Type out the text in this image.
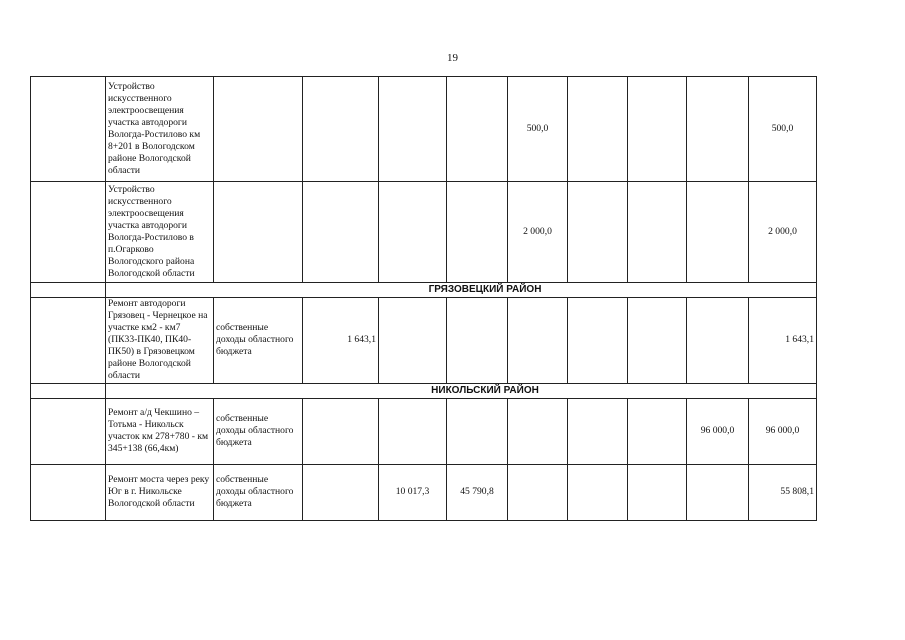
19
	Устройство искусственного электроосвещения участка автодороги Вологда-Ростилово км 8+201 в Вологодском районе Вологодской области					500,0				500,0
	Устройство искусственного электроосвещения участка автодороги Вологда-Ростилово в п.Огарково Вологодского района Вологодской области					2 000,0				2 000,0
	ГРЯЗОВЕЦКИЙ РАЙОН									
	Ремонт автодороги Грязовец - Чернецкое на участке км2 - км7 (ПК33-ПК40, ПК40-ПК50) в Грязовецком районе Вологодской области	собственные доходы областного бюджета	1 643,1							1 643,1
	НИКОЛЬСКИЙ РАЙОН									
	Ремонт а/д Чекшино – Тотьма - Никольск участок км 278+780 - км 345+138 (66,4км)	собственные доходы областного бюджета							96 000,0	96 000,0
	Ремонт моста через реку Юг в г. Никольске Вологодской области	собственные доходы областного бюджета		10 017,3	45 790,8					55 808,1
